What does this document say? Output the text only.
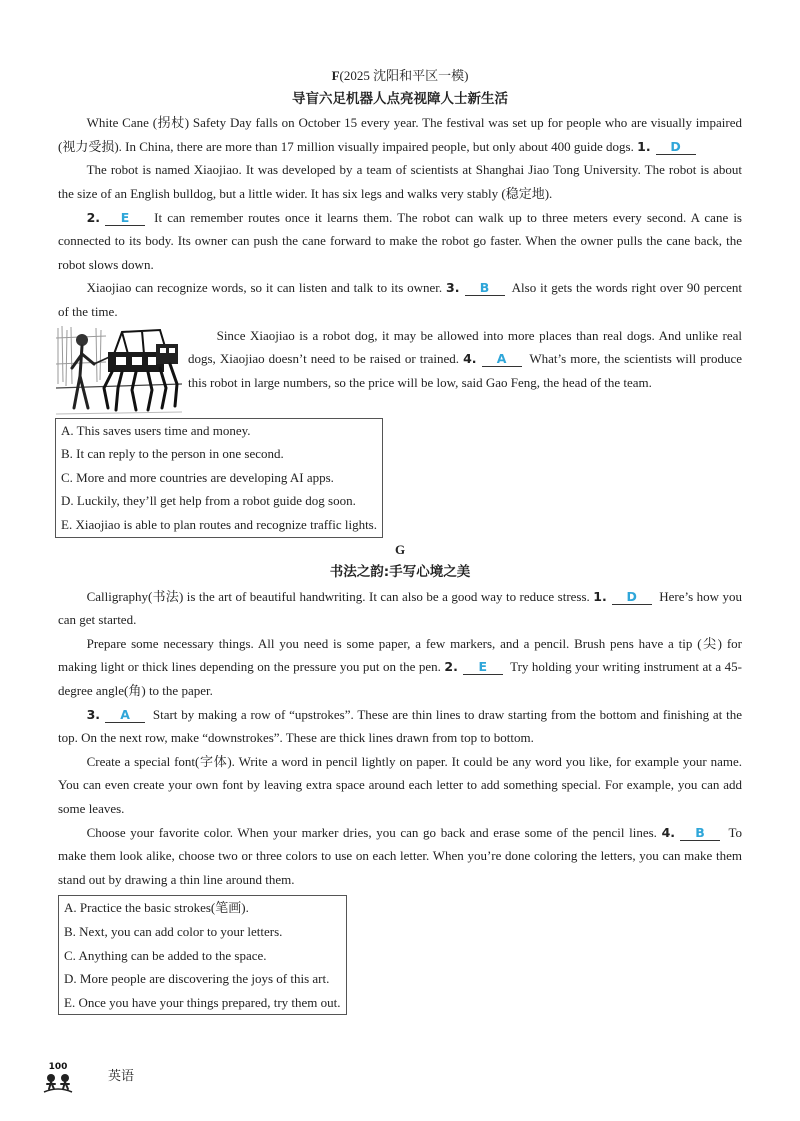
F(2025 沈阳和平区一模)
导盲六足机器人点亮视障人士新生活

White Cane (拐杖) Safety Day falls on October 15 every year. The festival was set up for people who are visually impaired (视力受损). In China, there are more than 17 million visually impaired people, but only about 400 guide dogs. 1. D

The robot is named Xiaojiao. It was developed by a team of scientists at Shanghai Jiao Tong University. The robot is about the size of an English bulldog, but a little wider. It has six legs and walks very stably (稳定地).

2. E It can remember routes once it learns them. The robot can walk up to three meters every second. A cane is connected to its body. Its owner can push the cane forward to make the robot go faster. When the owner pulls the cane back, the robot slows down.

Xiaojiao can recognize words, so it can listen and talk to its owner. 3. B Also it gets the words right over 90 percent of the time.

Since Xiaojiao is a robot dog, it may be allowed into more places than real dogs. And unlike real dogs, Xiaojiao doesn’t need to be raised or trained. 4. A What’s more, the scientists will produce this robot in large numbers, so the price will be low, said Gao Feng, the head of the team.

A. This saves users time and money.
B. It can reply to the person in one second.
C. More and more countries are developing AI apps.
D. Luckily, they’ll get help from a robot guide dog soon.
E. Xiaojiao is able to plan routes and recognize traffic lights.
G
书法之韵:手写心境之美

Calligraphy(书法) is the art of beautiful handwriting. It can also be a good way to reduce stress. 1. D Here’s how you can get started.

Prepare some necessary things. All you need is some paper, a few markers, and a pencil. Brush pens have a tip (尖) for making light or thick lines depending on the pressure you put on the pen. 2. E Try holding your writing instrument at a 45-degree angle(角) to the paper.

3. A Start by making a row of “upstrokes”. These are thin lines to draw starting from the bottom and finishing at the top. On the next row, make “downstrokes”. These are thick lines drawn from top to bottom.

Create a special font(字体). Write a word in pencil lightly on paper. It could be any word you like, for example your name. You can even create your own font by leaving extra space around each letter to add something special. For example, you can add some leaves.

Choose your favorite color. When your marker dries, you can go back and erase some of the pencil lines. 4. B To make them look alike, choose two or three colors to use on each letter. When you’re done coloring the letters, you can make them stand out by drawing a thin line around them.

A. Practice the basic strokes(笔画).
B. Next, you can add color to your letters.
C. Anything can be added to the space.
D. More people are discovering the joys of this art.
E. Once you have your things prepared, try them out.
100
英语
